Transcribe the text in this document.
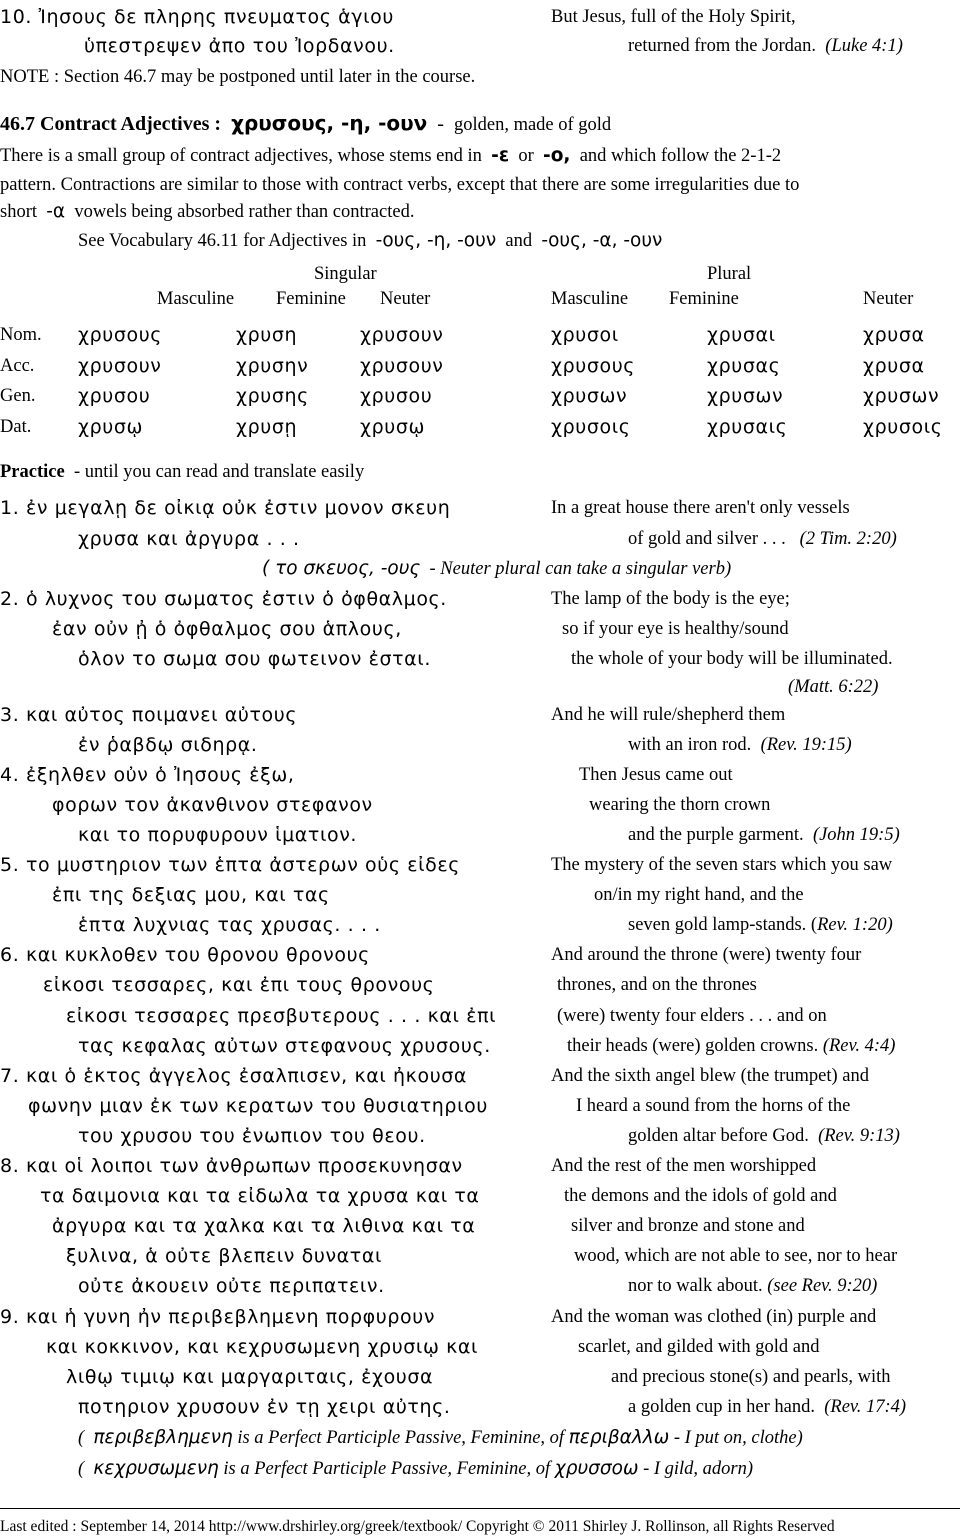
10. Ἰησους δε πληρης πνευματος ἁγιου	But Jesus, full of the Holy Spirit,
ὑπεστρεψεν ἀπο του Ἰορδανου.	returned from the Jordan. (Luke 4:1)
NOTE : Section 46.7 may be postponed until later in the course.
46.7 Contract Adjectives : χρυσους, -η, -ουν - golden, made of gold
There is a small group of contract adjectives, whose stems end in -ε or -ο, and which follow the 2-1-2
pattern. Contractions are similar to those with contract verbs, except that there are some irregularities due to
short -α vowels being absorbed rather than contracted.
See Vocabulary 46.11 for Adjectives in -ους, -η, -ουν and -ους, -α, -ουν
Singular	Plural
Masculine Feminine Neuter	Masculine Feminine	Neuter
Nom. χρυσους	χρυση	χρυσουν	χρυσοι	χρυσαι	χρυσα
Acc. χρυσουν	χρυσην	χρυσουν	χρυσους	χρυσας	χρυσα
Gen. χρυσου	χρυσης	χρυσου	χρυσων	χρυσων	χρυσων
Dat. χρυσῳ	χρυσῃ	χρυσῳ	χρυσοις	χρυσαις	χρυσοις
Practice - until you can read and translate easily
1. ἐν μεγαλῃ δε οἰκιᾳ οὐκ ἐστιν μονον σκευη	In a great house there aren't only vessels
χρυσα και ἀργυρα . . .	of gold and silver . . . (2 Tim. 2:20)
( το σκευος, -ους - Neuter plural can take a singular verb)
2. ὁ λυχνος του σωματος ἐστιν ὁ ὀφθαλμος.	The lamp of the body is the eye;
ἐαν οὐν ᾐ ὁ ὀφθαλμος σου ἁπλους,	so if your eye is healthy/sound
ὁλον το σωμα σου φωτεινον ἐσται.	the whole of your body will be illuminated.
(Matt. 6:22)
3. και αὐτος ποιμανει αὐτους	And he will rule/shepherd them
ἐν ῥαβδῳ σιδηρᾳ.	with an iron rod. (Rev. 19:15)
4. ἐξηλθεν οὐν ὁ Ἰησους ἐξω,	Then Jesus came out
φορων τον ἀκανθινον στεφανον	wearing the thorn crown
και το πορυφυρουν ἱματιον.	and the purple garment. (John 19:5)
5. το μυστηριον των ἑπτα ἀστερων οὑς εἰδες	The mystery of the seven stars which you saw
ἐπι της δεξιας μου, και τας	on/in my right hand, and the
ἑπτα λυχνιας τας χρυσας. . . .	seven gold lamp-stands. (Rev. 1:20)
6. και κυκλοθεν του θρονου θρονους	And around the throne (were) twenty four
εἰκοσι τεσσαρες, και ἐπι τους θρονους	thrones, and on the thrones
εἰκοσι τεσσαρες πρεσβυτερους . . . και ἐπι	(were) twenty four elders . . . and on
τας κεφαλας αὐτων στεφανους χρυσους.	their heads (were) golden crowns. (Rev. 4:4)
7. και ὁ ἑκτος ἀγγελος ἐσαλπισεν, και ἠκουσα	And the sixth angel blew (the trumpet) and
φωνην μιαν ἐκ των κερατων του θυσιατηριου	I heard a sound from the horns of the
του χρυσου του ἐνωπιον του θεου.	golden altar before God. (Rev. 9:13)
8. και οἱ λοιποι των ἀνθρωπων προσεκυνησαν	And the rest of the men worshipped
τα δαιμονια και τα εἰδωλα τα χρυσα και τα	the demons and the idols of gold and
ἀργυρα και τα χαλκα και τα λιθινα και τα	silver and bronze and stone and
ξυλινα, ἁ οὐτε βλεπειν δυναται	wood, which are not able to see, nor to hear
οὐτε ἀκουειν οὐτε περιπατειν.	nor to walk about. (see Rev. 9:20)
9. και ἡ γυνη ἠν περιβεβλημενη πορφυρουν	And the woman was clothed (in) purple and
και κοκκινον, και κεχρυσωμενη χρυσιῳ και	scarlet, and gilded with gold and
λιθῳ τιμιῳ και μαργαριταις, ἐχουσα	and precious stone(s) and pearls, with
ποτηριον χρυσουν ἐν τῃ χειρι αὐτης.	a golden cup in her hand. (Rev. 17:4)
( περιβεβλημενη is a Perfect Participle Passive, Feminine, of περιβαλλω - I put on, clothe)
( κεχρυσωμενη is a Perfect Participle Passive, Feminine, of χρυσσοω - I gild, adorn)
Last edited : September 14, 2014 http://www.drshirley.org/greek/textbook/ Copyright © 2011 Shirley J. Rollinson, all Rights Reserved
